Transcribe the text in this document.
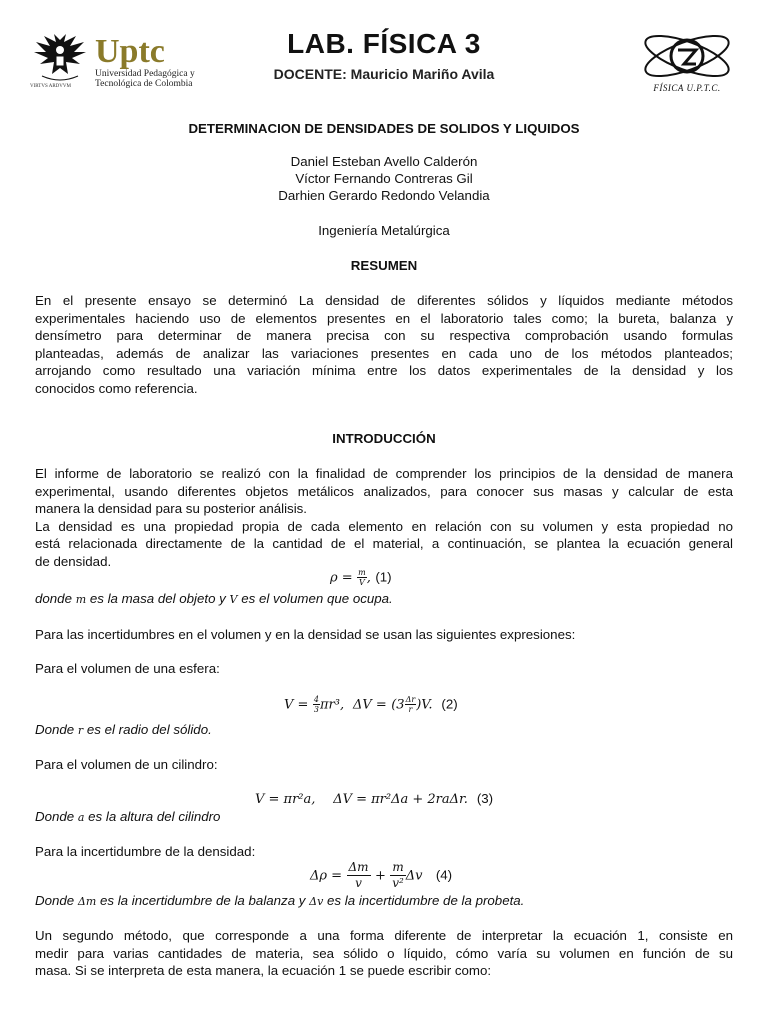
VIRTVS ARDVVM
Uptc
Universidad Pedagógica y
Tecnológica de Colombia
LAB. FÍSICA 3
DOCENTE: Mauricio Mariño Avila
FÍSICA U.P.T.C.
DETERMINACION DE DENSIDADES DE SOLIDOS Y LIQUIDOS
Daniel Esteban Avello Calderón
Víctor Fernando Contreras Gil
Darhien Gerardo Redondo Velandia
Ingeniería Metalúrgica
RESUMEN
En el presente ensayo se determinó La densidad de diferentes sólidos y líquidos mediante métodos
experimentales haciendo uso de elementos presentes en el laboratorio tales como; la bureta, balanza y
densímetro para determinar de manera precisa con su respectiva comprobación usando formulas
planteadas, además de analizar las variaciones presentes en cada uno de los métodos planteados;
arrojando como resultado una variación mínima entre los datos experimentales de la densidad y los
conocidos como referencia.
INTRODUCCIÓN
El informe de laboratorio se realizó con la finalidad de comprender los principios de la densidad de manera
experimental, usando diferentes objetos metálicos analizados, para conocer sus masas y calcular de esta
manera la densidad para su posterior análisis.
La densidad es una propiedad propia de cada elemento en relación con su volumen y esta propiedad no
está relacionada directamente de la cantidad de el material, a continuación, se plantea la ecuación general
de densidad.
$\rho = \frac{m}{V}$ , (1)
donde m es la masa del objeto y V es el volumen que ocupa.
Para las incertidumbres en el volumen y en la densidad se usan las siguientes expresiones:
Para el volumen de una esfera:
$V = \frac{4}{3} \pi r^3$, $\Delta V = (3 \frac{\Delta r}{r} )V$. (2)
Donde r es el radio del sólido.
Para el volumen de un cilindro:
V = πr²a, ΔV = πr²Δa + 2raΔr. (3)
Donde a es la altura del cilindro
Para la incertidumbre de la densidad:
$\Delta\rho = \frac{\Delta m}{v} + \frac{m}{\text{v²}}$ Δv (4)
Donde Δm es la incertidumbre de la balanza y Δv es la incertidumbre de la probeta.
Un segundo método, que corresponde a una forma diferente de interpretar la ecuación 1, consiste en
medir para varias cantidades de materia, sea sólido o líquido, cómo varía su volumen en función de su
masa. Si se interpreta de esta manera, la ecuación 1 se puede escribir como:
